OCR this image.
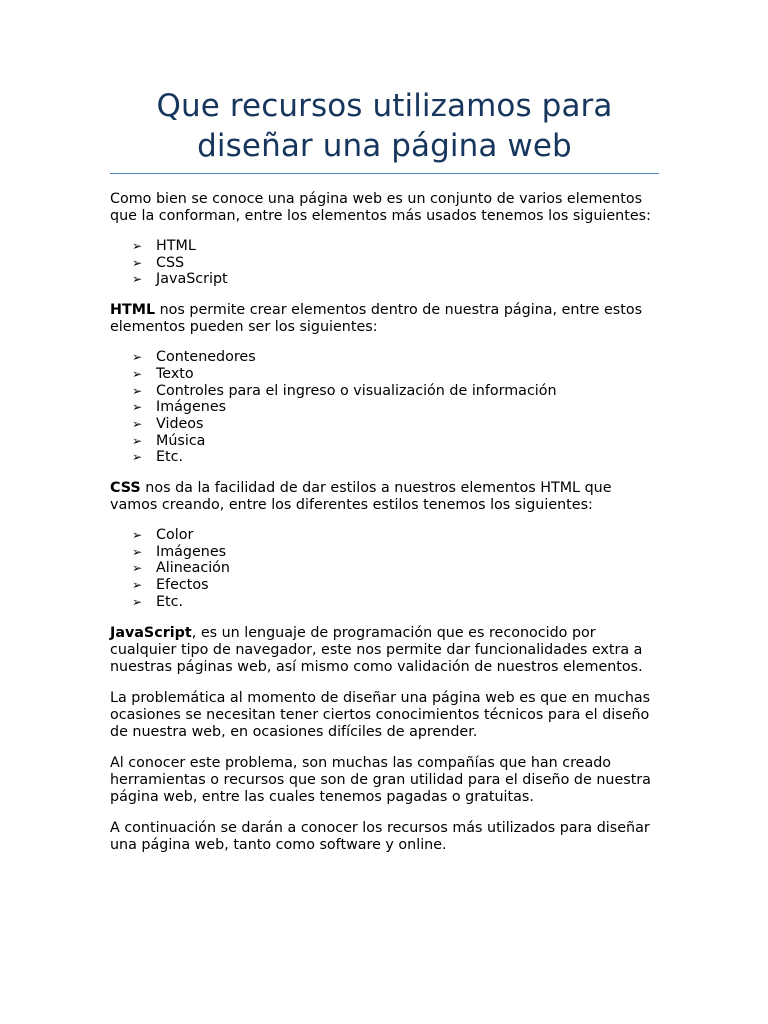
Que recursos utilizamos para
diseñar una página web

Como bien se conoce una página web es un conjunto de varios elementos que la conforman, entre los elementos más usados tenemos los siguientes:

➢ HTML
➢ CSS
➢ JavaScript

HTML nos permite crear elementos dentro de nuestra página, entre estos elementos pueden ser los siguientes:

➢ Contenedores
➢ Texto
➢ Controles para el ingreso o visualización de información
➢ Imágenes
➢ Videos
➢ Música
➢ Etc.

CSS nos da la facilidad de dar estilos a nuestros elementos HTML que vamos creando, entre los diferentes estilos tenemos los siguientes:

➢ Color
➢ Imágenes
➢ Alineación
➢ Efectos
➢ Etc.

JavaScript, es un lenguaje de programación que es reconocido por cualquier tipo de navegador, este nos permite dar funcionalidades extra a nuestras páginas web, así mismo como validación de nuestros elementos.

La problemática al momento de diseñar una página web es que en muchas ocasiones se necesitan tener ciertos conocimientos técnicos para el diseño de nuestra web, en ocasiones difíciles de aprender.

Al conocer este problema, son muchas las compañías que han creado herramientas o recursos que son de gran utilidad para el diseño de nuestra página web, entre las cuales tenemos pagadas o gratuitas.

A continuación se darán a conocer los recursos más utilizados para diseñar una página web, tanto como software y online.
